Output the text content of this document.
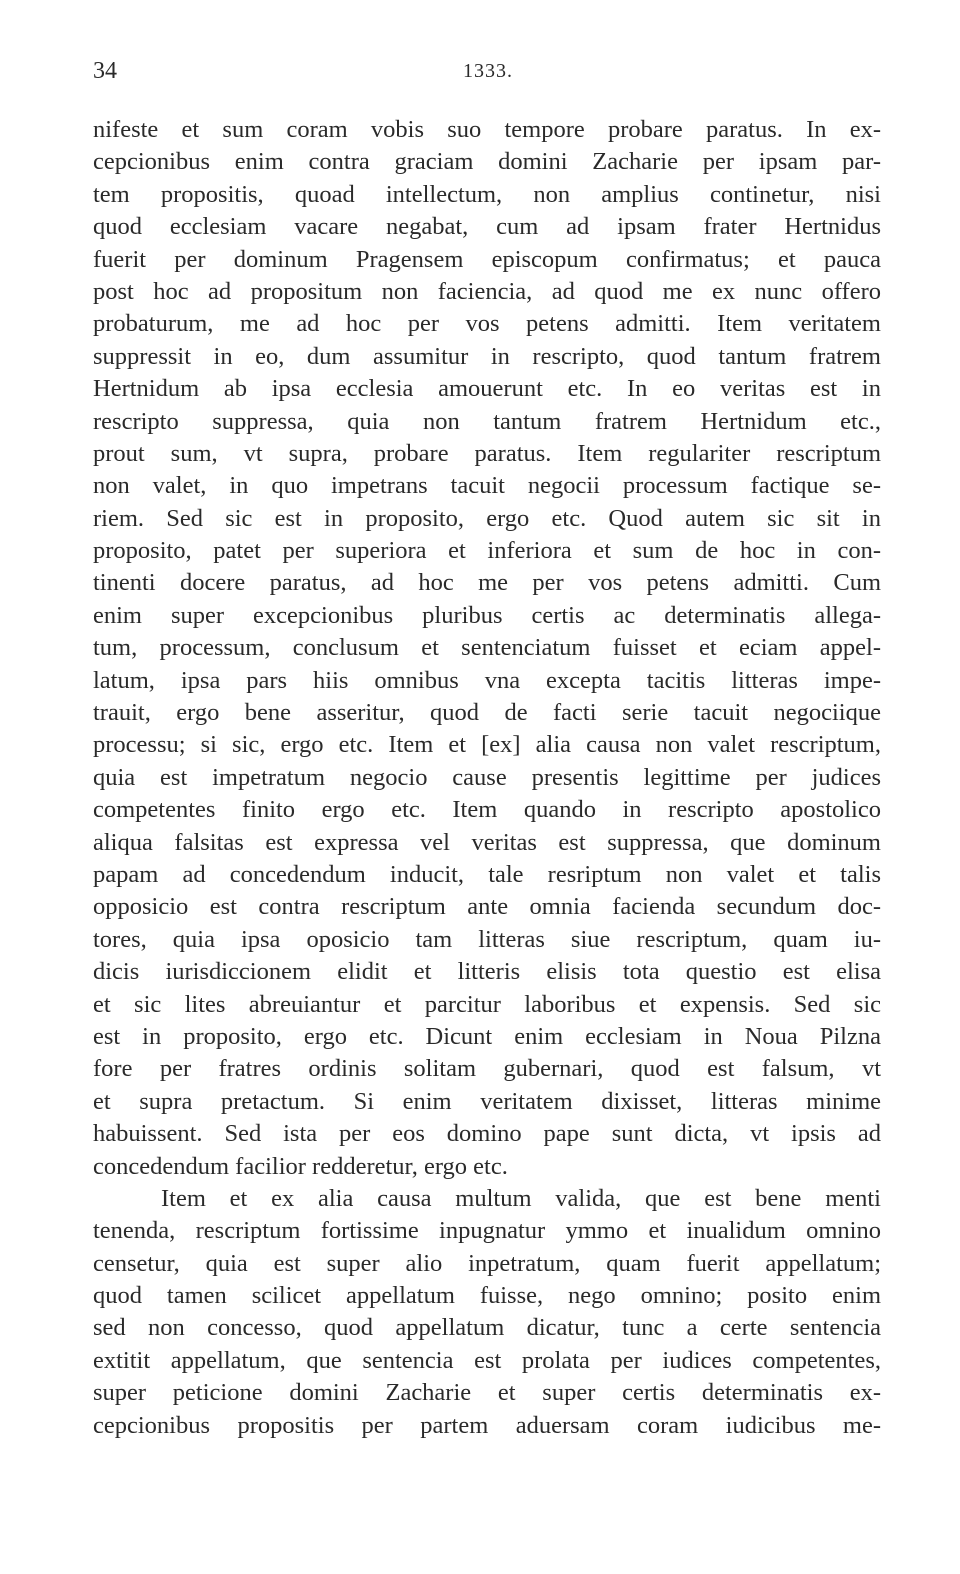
34	1333.
nifeste et sum coram vobis suo tempore probare paratus. In ex-
cepcionibus enim contra graciam domini Zacharie per ipsam par-
tem propositis, quoad intellectum, non amplius continetur, nisi
quod ecclesiam vacare negabat, cum ad ipsam frater Hertnidus
fuerit per dominum Pragensem episcopum confirmatus; et pauca
post hoc ad propositum non faciencia, ad quod me ex nunc offero
probaturum, me ad hoc per vos petens admitti. Item veritatem
suppressit in eo, dum assumitur in rescripto, quod tantum fratrem
Hertnidum ab ipsa ecclesia amouerunt etc. In eo veritas est in
rescripto suppressa, quia non tantum fratrem Hertnidum etc.,
prout sum, vt supra, probare paratus. Item regulariter rescriptum
non valet, in quo impetrans tacuit negocii processum factique se-
riem. Sed sic est in proposito, ergo etc. Quod autem sic sit in
proposito, patet per superiora et inferiora et sum de hoc in con-
tinenti docere paratus, ad hoc me per vos petens admitti. Cum
enim super excepcionibus pluribus certis ac determinatis allega-
tum, processum, conclusum et sentenciatum fuisset et eciam appel-
latum, ipsa pars hiis omnibus vna excepta tacitis litteras impe-
trauit, ergo bene asseritur, quod de facti serie tacuit negociique
processu; si sic, ergo etc. Item et [ex] alia causa non valet rescriptum,
quia est impetratum negocio cause presentis legittime per judices
competentes finito ergo etc. Item quando in rescripto apostolico
aliqua falsitas est expressa vel veritas est suppressa, que dominum
papam ad concedendum inducit, tale resriptum non valet et talis
opposicio est contra rescriptum ante omnia facienda secundum doc-
tores, quia ipsa oposicio tam litteras siue rescriptum, quam iu-
dicis iurisdiccionem elidit et litteris elisis tota questio est elisa
et sic lites abreuiantur et parcitur laboribus et expensis. Sed sic
est in proposito, ergo etc. Dicunt enim ecclesiam in Noua Pilzna
fore per fratres ordinis solitam gubernari, quod est falsum, vt
et supra pretactum. Si enim veritatem dixisset, litteras minime
habuissent. Sed ista per eos domino pape sunt dicta, vt ipsis ad
concedendum facilior redderetur, ergo etc.
Item et ex alia causa multum valida, que est bene menti
tenenda, rescriptum fortissime inpugnatur ymmo et inualidum omnino
censetur, quia est super alio inpetratum, quam fuerit appellatum;
quod tamen scilicet appellatum fuisse, nego omnino; posito enim
sed non concesso, quod appellatum dicatur, tunc a certe sentencia
extitit appellatum, que sentencia est prolata per iudices competentes,
super peticione domini Zacharie et super certis determinatis ex-
cepcionibus propositis per partem aduersam coram iudicibus me-
